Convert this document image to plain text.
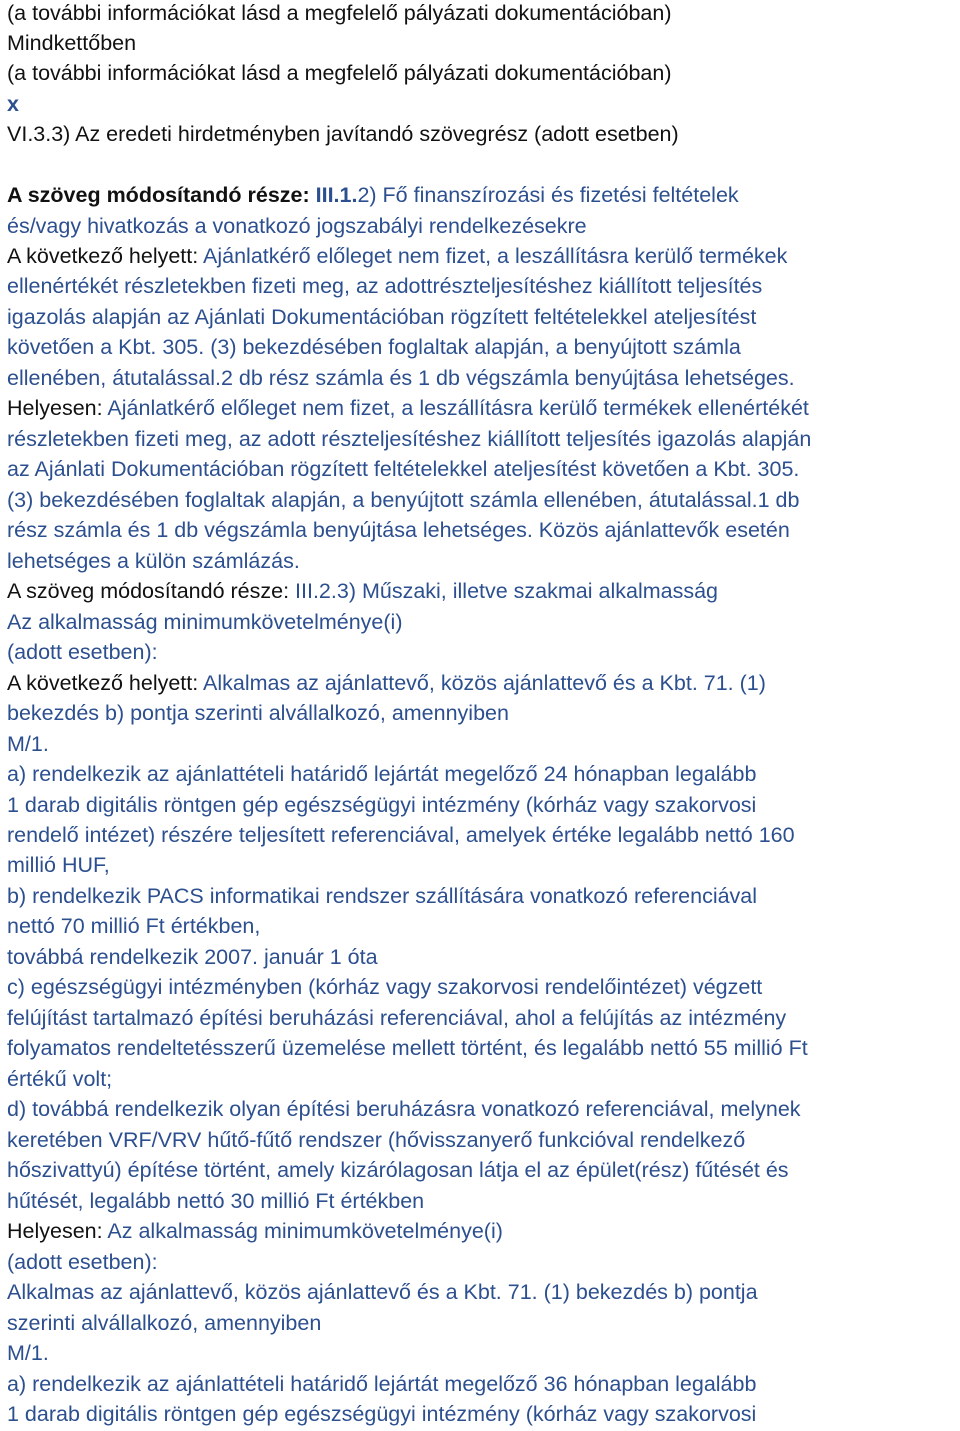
(a további információkat lásd a megfelelő pályázati dokumentációban)
Mindkettőben
(a további információkat lásd a megfelelő pályázati dokumentációban)
x
VI.3.3) Az eredeti hirdetményben javítandó szövegrész (adott esetben)
A szöveg módosítandó része: III.1.2) Fő finanszírozási és fizetési feltételek
és/vagy hivatkozás a vonatkozó jogszabályi rendelkezésekre
A következő helyett: Ajánlatkérő előleget nem fizet, a leszállításra kerülő termékek
ellenértékét részletekben fizeti meg, az adottrészteljesítéshez kiállított teljesítés
igazolás alapján az Ajánlati Dokumentációban rögzített feltételekkel ateljesítést
követően a Kbt. 305. (3) bekezdésében foglaltak alapján, a benyújtott számla
ellenében, átutalással.2 db rész számla és 1 db végszámla benyújtása lehetséges.
Helyesen: Ajánlatkérő előleget nem fizet, a leszállításra kerülő termékek ellenértékét
részletekben fizeti meg, az adott részteljesítéshez kiállított teljesítés igazolás alapján
az Ajánlati Dokumentációban rögzített feltételekkel ateljesítést követően a Kbt. 305.
(3) bekezdésében foglaltak alapján, a benyújtott számla ellenében, átutalással.1 db
rész számla és 1 db végszámla benyújtása lehetséges. Közös ajánlattevők esetén
lehetséges a külön számlázás.
A szöveg módosítandó része: III.2.3) Műszaki, illetve szakmai alkalmasság
Az alkalmasság minimumkövetelménye(i)
(adott esetben):
A következő helyett: Alkalmas az ajánlattevő, közös ajánlattevő és a Kbt. 71. (1)
bekezdés b) pontja szerinti alvállalkozó, amennyiben
M/1.
a) rendelkezik az ajánlattételi határidő lejártát megelőző 24 hónapban legalább
1 darab digitális röntgen gép egészségügyi intézmény (kórház vagy szakorvosi
rendelő intézet) részére teljesített referenciával, amelyek értéke legalább nettó 160
millió HUF,
b) rendelkezik PACS informatikai rendszer szállítására vonatkozó referenciával
nettó 70 millió Ft értékben,
továbbá rendelkezik 2007. január 1 óta
c) egészségügyi intézményben (kórház vagy szakorvosi rendelőintézet) végzett
felújítást tartalmazó építési beruházási referenciával, ahol a felújítás az intézmény
folyamatos rendeltetésszerű üzemelése mellett történt, és legalább nettó 55 millió Ft
értékű volt;
d) továbbá rendelkezik olyan építési beruházásra vonatkozó referenciával, melynek
keretében VRF/VRV hűtő-fűtő rendszer (hővisszanyerő funkcióval rendelkező
hőszivattyú) építése történt, amely kizárólagosan látja el az épület(rész) fűtését és
hűtését, legalább nettó 30 millió Ft értékben
Helyesen: Az alkalmasság minimumkövetelménye(i)
(adott esetben):
Alkalmas az ajánlattevő, közös ajánlattevő és a Kbt. 71. (1) bekezdés b) pontja
szerinti alvállalkozó, amennyiben
M/1.
a) rendelkezik az ajánlattételi határidő lejártát megelőző 36 hónapban legalább
1 darab digitális röntgen gép egészségügyi intézmény (kórház vagy szakorvosi
